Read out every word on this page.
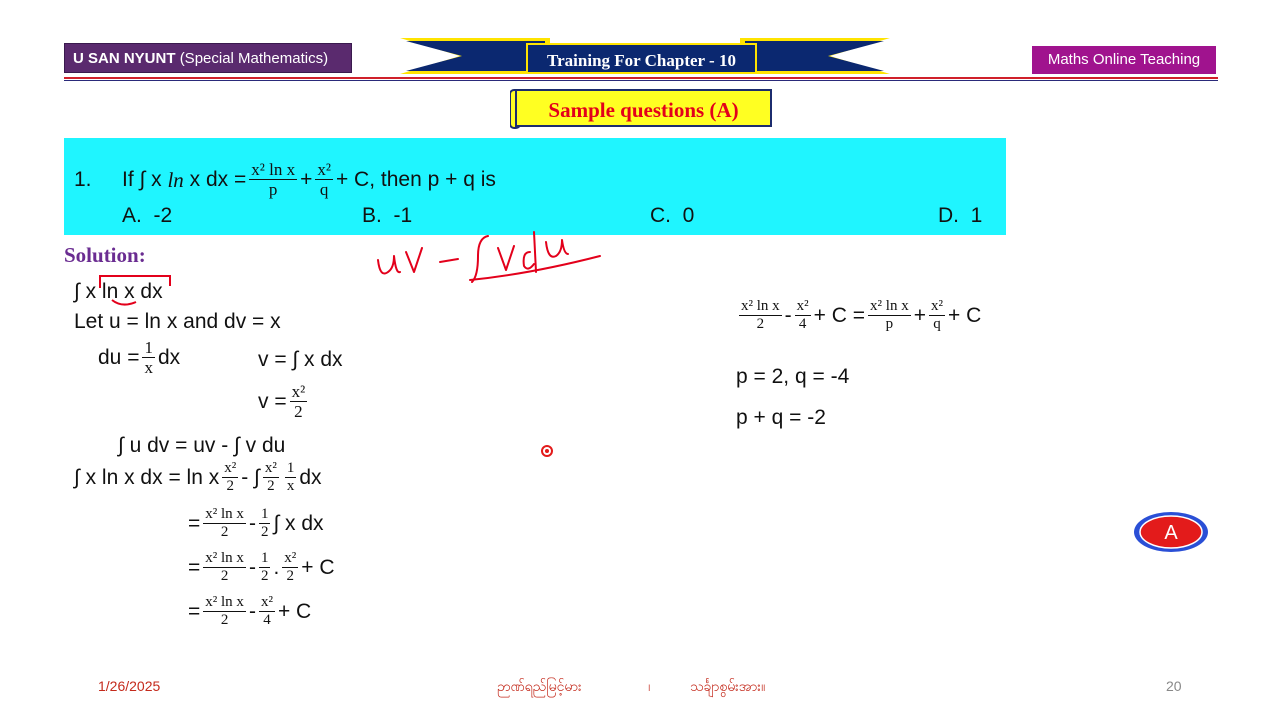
U SAN NYUNT (Special Mathematics)	Training For Chapter - 10	Maths Online Teaching
Sample questions (A)
1.	If ∫ x
ln
x dx = $\frac{\text{x² ln x}}{p} + \frac{\text{x²}}{q} + C$, then p + q is
A. -2	B. -1	C. 0	D. 1
Solution:
∫ x ln x dx
Let u = ln x and dv = x
du = $\frac{1}{x}$ dx	v = ∫ x dx
$v = \frac{\text{x²}}{2}$
∫ u dv = uv - ∫ v du
∫ x ln x dx = ln x $\frac{\text{x²}}{2}$ - ∫ $\frac{\text{x²}}{2} \frac{1}{x}$ dx
= $\frac{\text{x² ln x}}{2} - \frac{1}{2}$ ∫ x dx
= $\frac{\text{x² ln x}}{2} - \frac{1}{2}$ . $\frac{\text{x²}}{2} + C$
= $\frac{\text{x² ln x}}{2} - \frac{\text{x²}}{4} + C$
$\frac{\text{x² ln x}}{2} - \frac{\text{x²}}{4} + C$
= $\frac{\text{x² ln x}}{p} + \frac{\text{x²}}{q} + C$
p = 2, q = -4
p + q = -2
A
1/26/2025	ဉာဏ်ရည်မြင့်မား	၊	သင်္ချာစွမ်းအား။	20
